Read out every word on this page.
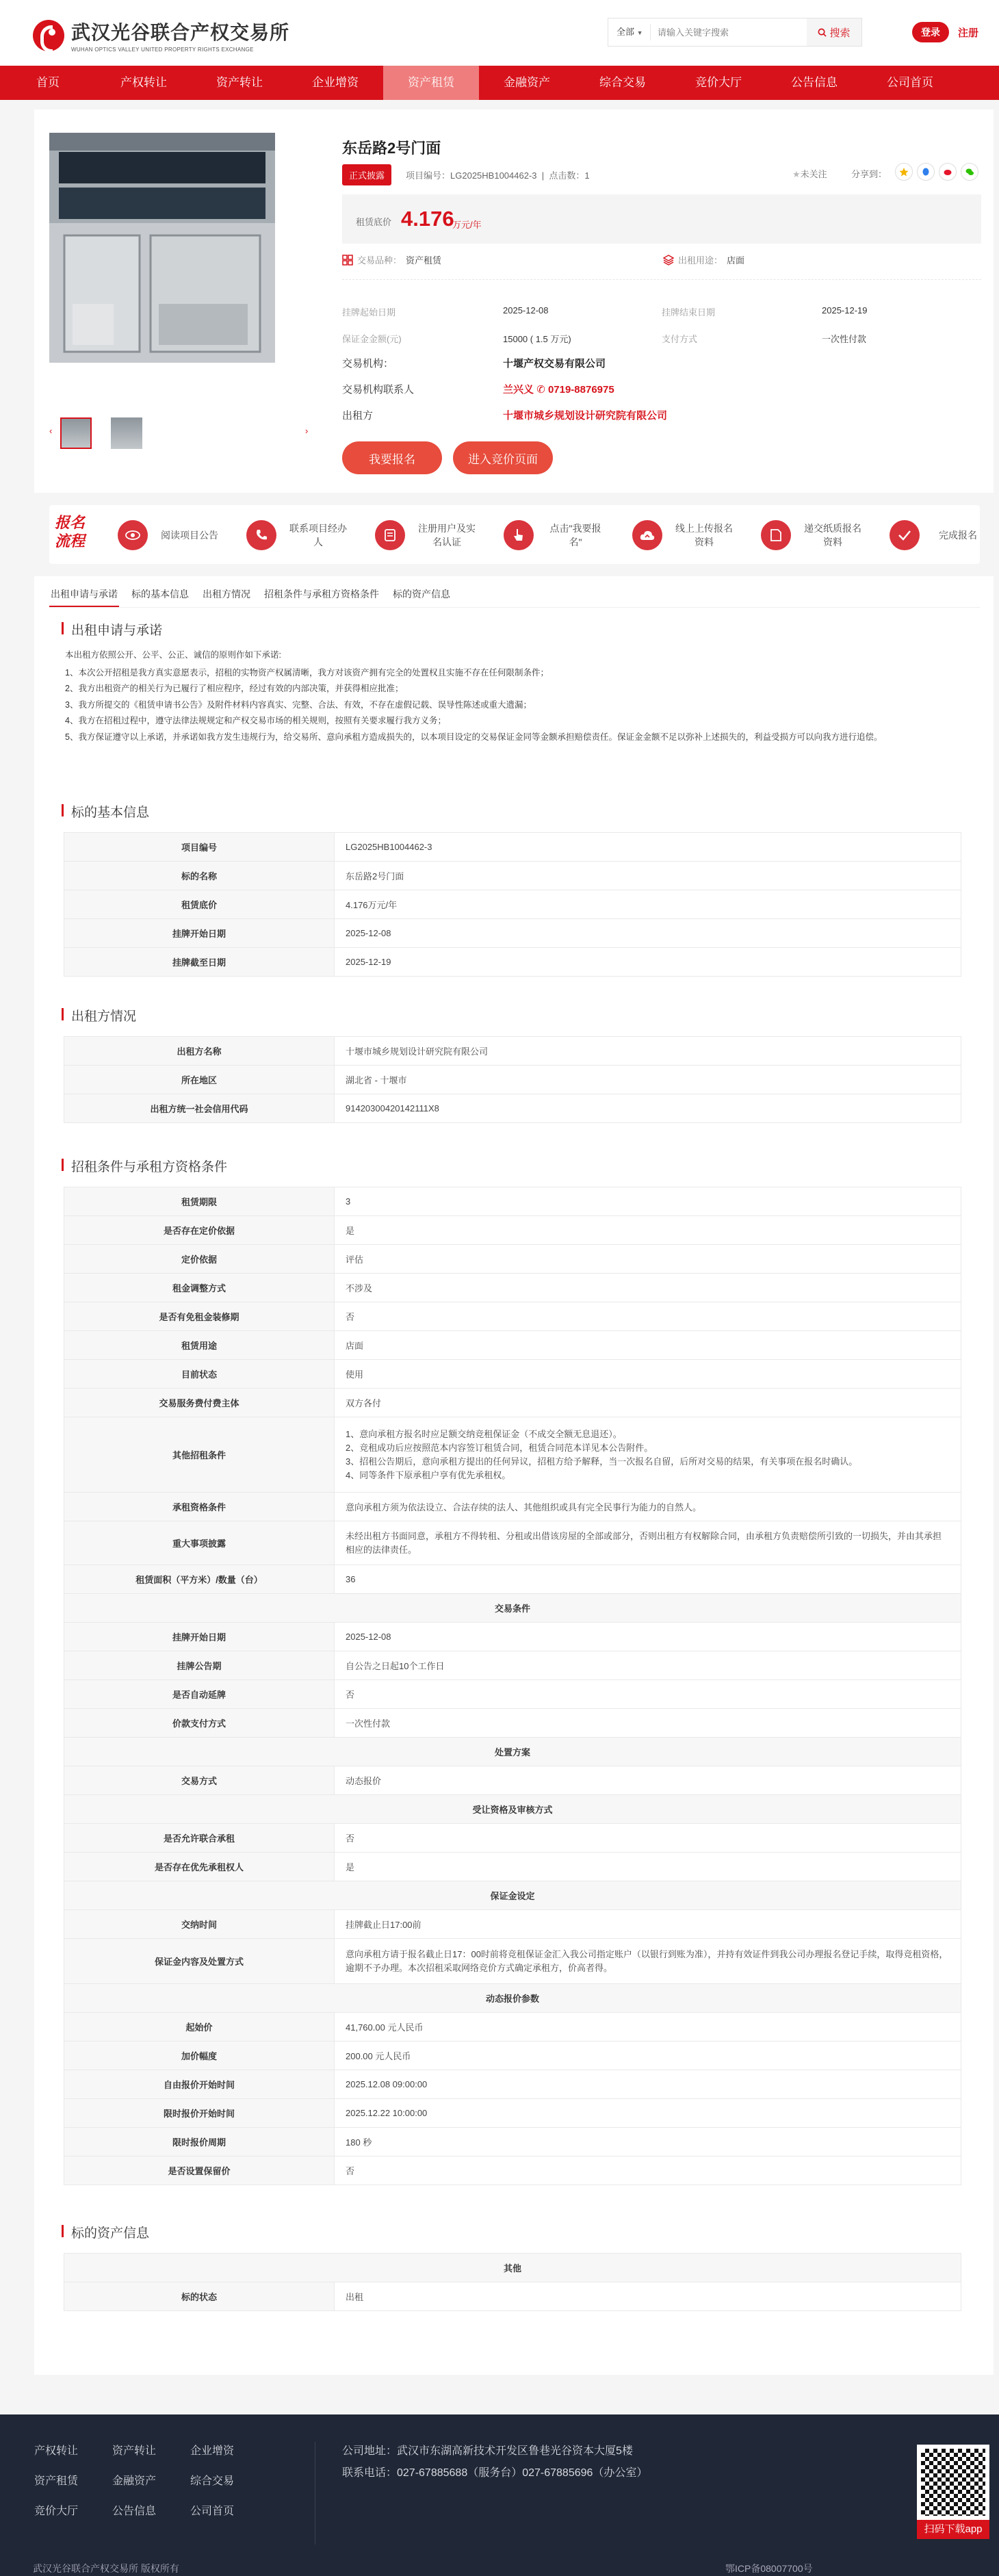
武汉光谷联合产权交易所
WUHAN OPTICS VALLEY UNITED PROPERTY RIGHTS EXCHANGE
全部 ▼
请输入关键字搜索	搜索	登录	注册
首页	产权转让	资产转让	企业增资	资产租赁	金融资产	综合交易	竞价大厅	公告信息	公司首页
‹	›
东岳路2号门面
正式披露	项目编号：LG2025HB1004462-3  |  点击数：1	★未关注	分享到：
租赁底价 4.176
万元/年
交易品种： 资产租赁	出租用途： 店面
挂牌起始日期	2025-12-08	挂牌结束日期	2025-12-19
保证金金额(元)	15000 ( 1.5 万元)	支付方式	一次性付款
交易机构：	十堰产权交易有限公司
交易机构联系人	兰兴义 ✆ 0719-8876975
出租方	十堰市城乡规划设计研究院有限公司
我要报名	进入竞价页面
报名流程	阅读项目公告
联系项目经办人
注册用户及实名认证
点击"我要报名"
线上上传报名资料
递交纸质报名资料
完成报名
出租申请与承诺 标的基本信息 出租方情况 招租条件与承租方资格条件 标的资产信息
出租申请与承诺
本出租方依照公开、公平、公正、诚信的原则作如下承诺:
1、本次公开招租是我方真实意愿表示，招租的实物资产权属清晰，我方对该资产拥有完全的处置权且实施不存在任何限制条件；
2、我方出租资产的相关行为已履行了相应程序，经过有效的内部决策，并获得相应批准；
3、我方所提交的《租赁申请书公告》及附件材料内容真实、完整、合法、有效，不存在虚假记载、误导性陈述或重大遗漏；
4、我方在招租过程中，遵守法律法规规定和产权交易市场的相关规则，按照有关要求履行我方义务；
5、我方保证遵守以上承诺，并承诺如我方发生违规行为，给交易所、意向承租方造成损失的，以本项目设定的交易保证金同等金额承担赔偿责任。保证金金额不足以弥补上述损失的，利益受损方可以向我方进行追偿。
标的基本信息
项目编号	LG2025HB1004462-3
标的名称	东岳路2号门面
租赁底价	4.176万元/年
挂牌开始日期	2025-12-08
挂牌截至日期	2025-12-19
出租方情况
出租方名称	十堰市城乡规划设计研究院有限公司
所在地区	湖北省 - 十堰市
出租方统一社会信用代码	91420300420142111X8
招租条件与承租方资格条件
租赁期限	3
是否存在定价依据	是
定价依据	评估
租金调整方式	不涉及
是否有免租金装修期	否
租赁用途	店面
目前状态	使用
交易服务费付费主体	双方各付
其他招租条件	1、意向承租方报名时应足额交纳竞租保证金（不成交全额无息退还）。
2、竞租成功后应按照范本内容签订租赁合同，租赁合同范本详见本公告附件。
3、招租公告期后，意向承租方提出的任何异议，招租方给予解释，当一次报名自留，后所对交易的结果，有关事项在报名时确认。
4、同等条件下原承租户享有优先承租权。
承租资格条件	意向承租方须为依法设立、合法存续的法人、其他组织或具有完全民事行为能力的自然人。
重大事项披露	未经出租方书面同意，承租方不得转租、分租或出借该房屋的全部或部分，否则出租方有权解除合同，由承租方负责赔偿所引致的一切损失，并由其承担相应的法律责任。
租赁面积（平方米）/数量（台）	36
交易条件	
挂牌开始日期	2025-12-08
挂牌公告期	自公告之日起10个工作日
是否自动延牌	否
价款支付方式	一次性付款
处置方案	
交易方式	动态报价
受让资格及审核方式	
是否允许联合承租	否
是否存在优先承租权人	是
保证金设定	
交纳时间	挂牌截止日17:00前
保证金内容及处置方式	意向承租方请于报名截止日17：00时前将竞租保证金汇入我公司指定账户（以银行到账为准），并持有效证件到我公司办理报名登记手续，取得竞租资格，逾期不予办理。本次招租采取网络竞价方式确定承租方，价高者得。
动态报价参数	
起始价	41,760.00 元人民币
加价幅度	200.00 元人民币
自由报价开始时间	2025.12.08 09:00:00
限时报价开始时间	2025.12.22 10:00:00
限时报价周期	180 秒
是否设置保留价	否
标的资产信息
其他
标的状态	出租
产权转让	资产转让	企业增资
资产租赁	金融资产	综合交易
竞价大厅	公告信息	公司首页
公司地址：武汉市东湖高新技术开发区鲁巷光谷资本大厦5楼
联系电话：027-67885688（服务台）027-67885696（办公室）
扫码下载app
武汉光谷联合产权交易所 版权所有	鄂ICP备08007700号
